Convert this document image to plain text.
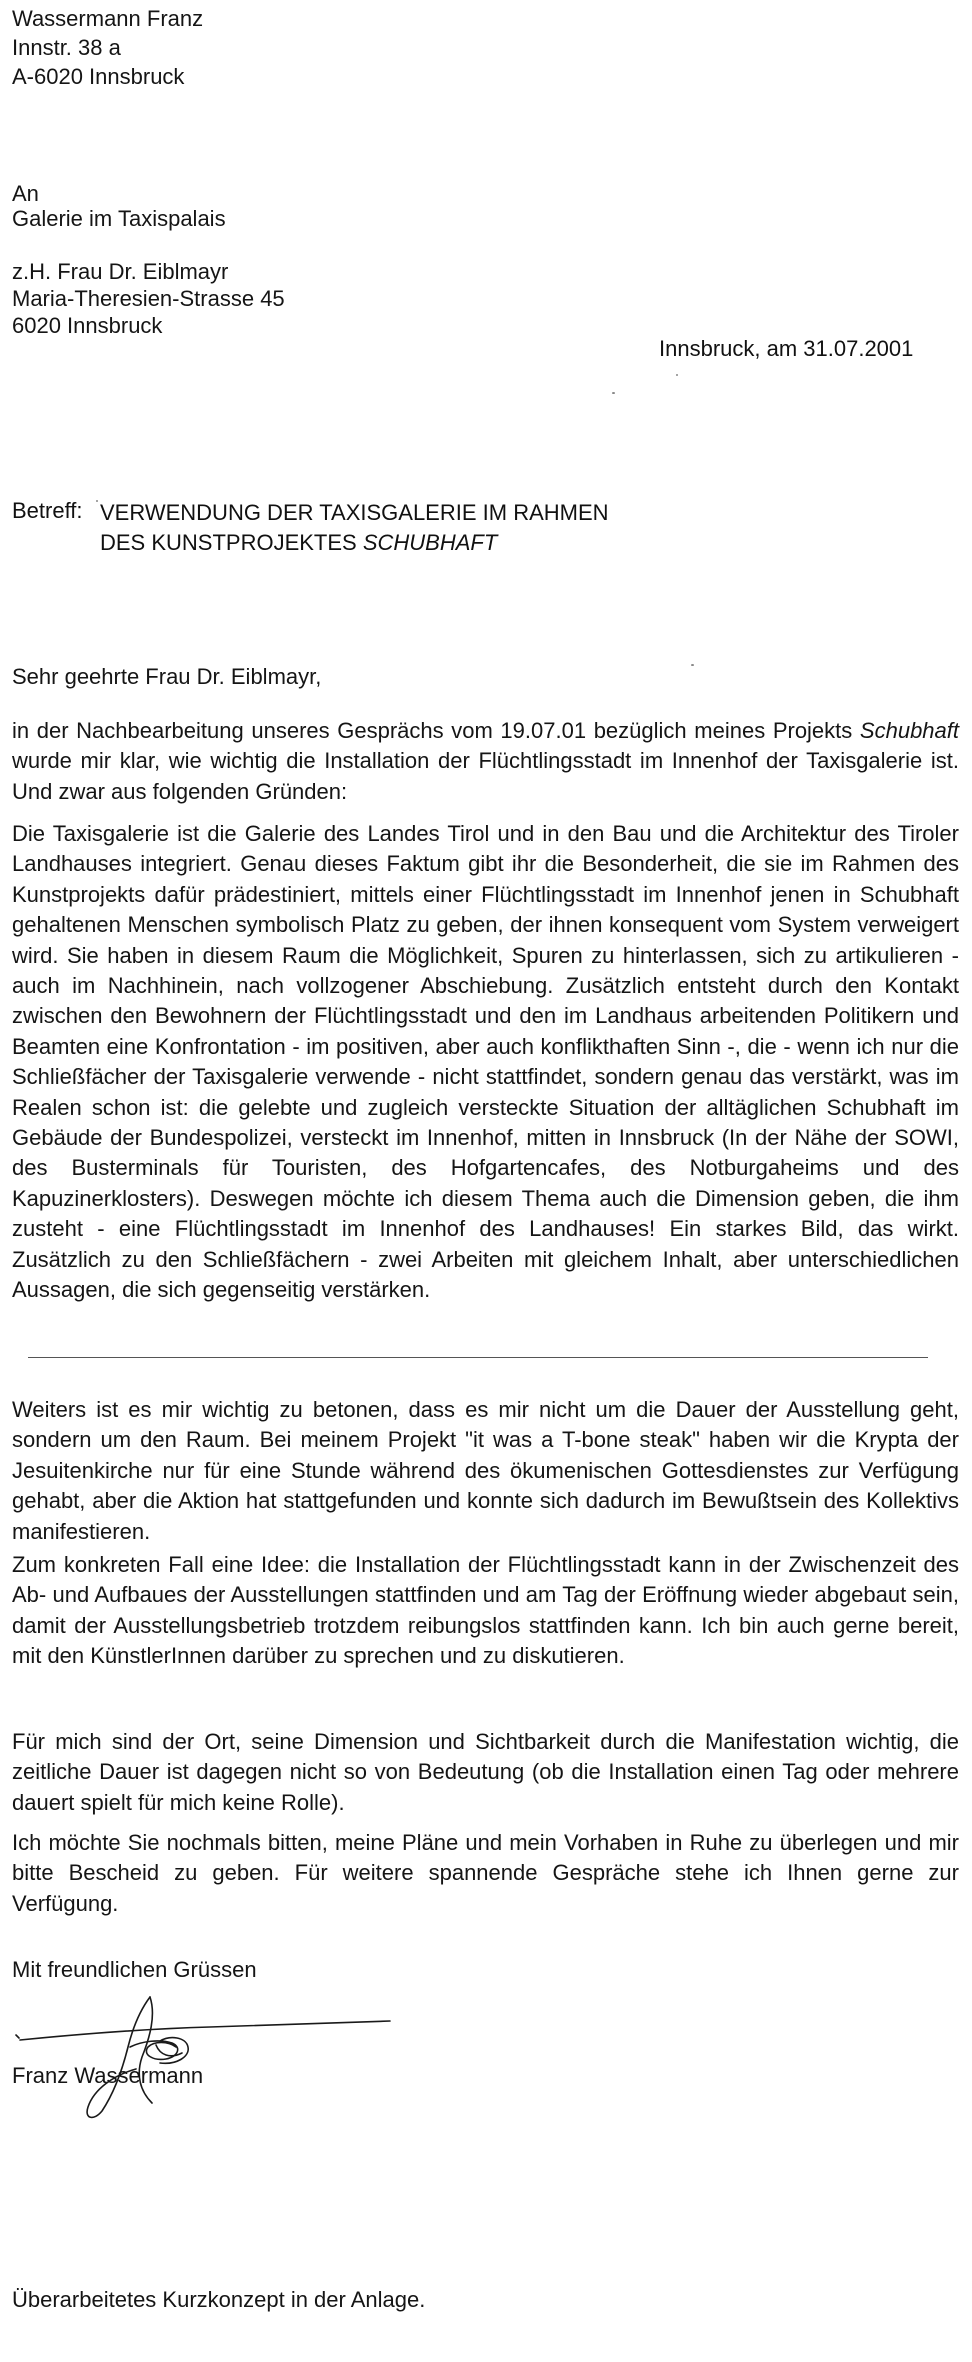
Wassermann Franz
Innstr. 38 a
A-6020 Innsbruck
An
Galerie im Taxispalais
z.H. Frau Dr. Eiblmayr
Maria-Theresien-Strasse 45
6020 Innsbruck
Innsbruck, am 31.07.2001
Betreff: VERWENDUNG DER TAXISGALERIE IM RAHMEN
DES KUNSTPROJEKTES SCHUBHAFT
Sehr geehrte Frau Dr. Eiblmayr,
in der Nachbearbeitung unseres Gesprächs vom 19.07.01 bezüglich meines Projekts Schubhaft wurde mir klar, wie wichtig die Installation der Flüchtlingsstadt im Innenhof der Taxisgalerie ist. Und zwar aus folgenden Gründen:
Die Taxisgalerie ist die Galerie des Landes Tirol und in den Bau und die Architektur des Tiroler Landhauses integriert. Genau dieses Faktum gibt ihr die Besonderheit, die sie im Rahmen des Kunstprojekts dafür prädestiniert, mittels einer Flüchtlingsstadt im Innenhof jenen in Schubhaft gehaltenen Menschen symbolisch Platz zu geben, der ihnen konsequent vom System verweigert wird. Sie haben in diesem Raum die Möglichkeit, Spuren zu hinterlassen, sich zu artikulieren - auch im Nachhinein, nach vollzogener Abschiebung. Zusätzlich entsteht durch den Kontakt zwischen den Bewohnern der Flüchtlingsstadt und den im Landhaus arbeitenden Politikern und Beamten eine Konfrontation - im positiven, aber auch konflikthaften Sinn -, die - wenn ich nur die Schließfächer der Taxisgalerie verwende - nicht stattfindet, sondern genau das verstärkt, was im Realen schon ist: die gelebte und zugleich versteckte Situation der alltäglichen Schubhaft im Gebäude der Bundespolizei, versteckt im Innenhof, mitten in Innsbruck (In der Nähe der SOWI, des Busterminals für Touristen, des Hofgartencafes, des Notburgaheims und des Kapuzinerklosters). Deswegen möchte ich diesem Thema auch die Dimension geben, die ihm zusteht - eine Flüchtlingsstadt im Innenhof des Landhauses! Ein starkes Bild, das wirkt. Zusätzlich zu den Schließfächern - zwei Arbeiten mit gleichem Inhalt, aber unterschiedlichen Aussagen, die sich gegenseitig verstärken.
Weiters ist es mir wichtig zu betonen, dass es mir nicht um die Dauer der Ausstellung geht, sondern um den Raum. Bei meinem Projekt "it was a T-bone steak" haben wir die Krypta der Jesuitenkirche nur für eine Stunde während des ökumenischen Gottesdienstes zur Verfügung gehabt, aber die Aktion hat stattgefunden und konnte sich dadurch im Bewußtsein des Kollektivs manifestieren.
Zum konkreten Fall eine Idee: die Installation der Flüchtlingsstadt kann in der Zwischenzeit des Ab- und Aufbaues der Ausstellungen stattfinden und am Tag der Eröffnung wieder abgebaut sein, damit der Ausstellungsbetrieb trotzdem reibungslos stattfinden kann. Ich bin auch gerne bereit, mit den KünstlerInnen darüber zu sprechen und zu diskutieren.
Für mich sind der Ort, seine Dimension und Sichtbarkeit durch die Manifestation wichtig, die zeitliche Dauer ist dagegen nicht so von Bedeutung (ob die Installation einen Tag oder mehrere dauert spielt für mich keine Rolle).
Ich möchte Sie nochmals bitten, meine Pläne und mein Vorhaben in Ruhe zu überlegen und mir bitte Bescheid zu geben. Für weitere spannende Gespräche stehe ich Ihnen gerne zur Verfügung.
Mit freundlichen Grüssen
Franz Wassermann
Überarbeitetes Kurzkonzept in der Anlage.
